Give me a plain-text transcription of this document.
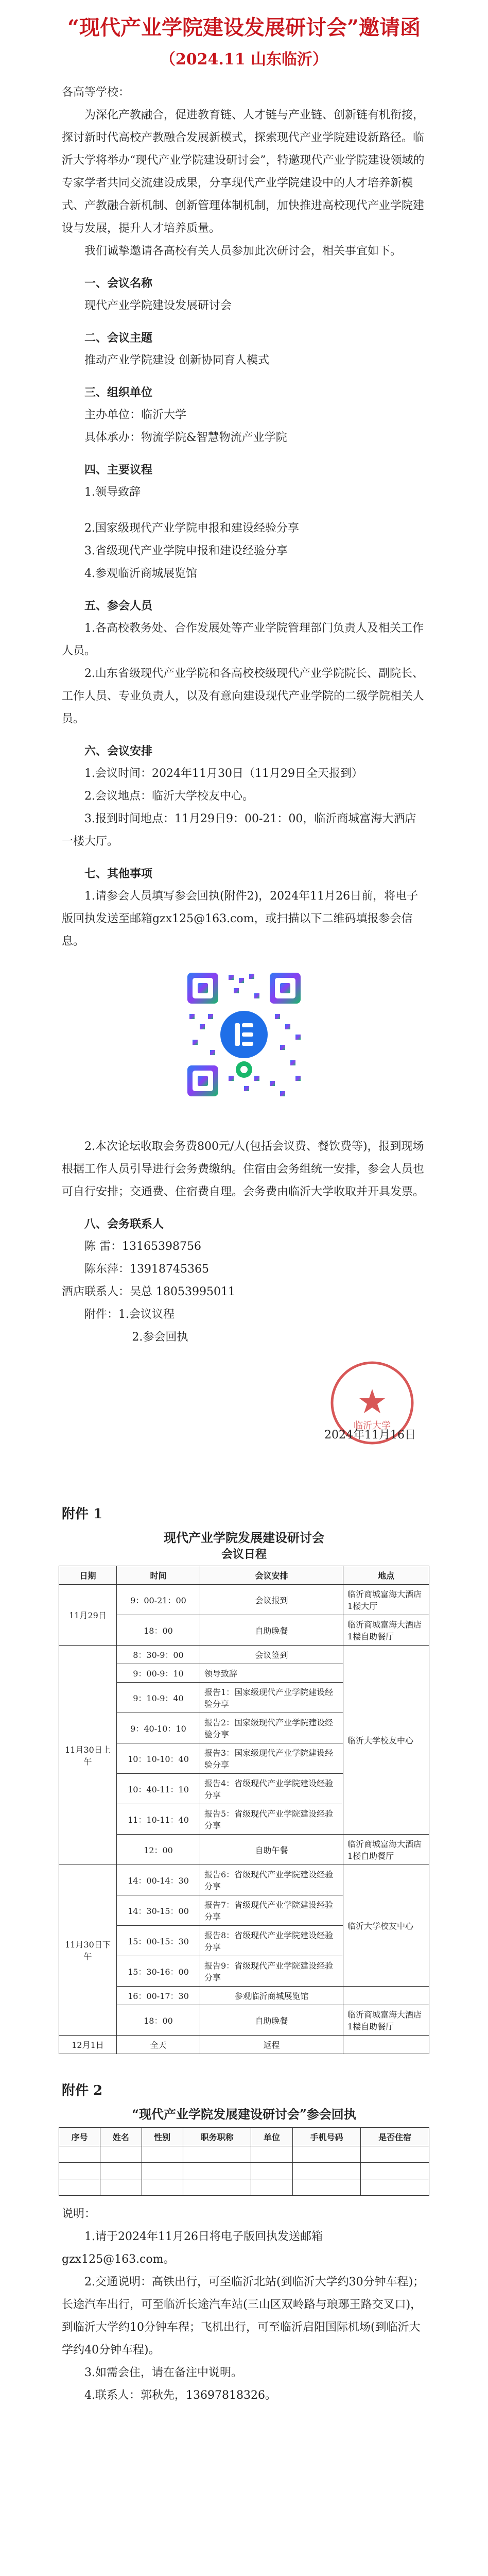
“现代产业学院建设发展研讨会”邀请函
（2024.11 山东临沂）

各高等学校：

为深化产教融合，促进教育链、人才链与产业链、创新链有机衔接，探讨新时代高校产教融合发展新模式，探索现代产业学院建设新路径。临沂大学将举办“现代产业学院建设研讨会”，特邀现代产业学院建设领域的专家学者共同交流建设成果，分享现代产业学院建设中的人才培养新模式、产教融合新机制、创新管理体制机制，加快推进高校现代产业学院建设与发展，提升人才培养质量。

我们诚挚邀请各高校有关人员参加此次研讨会，相关事宜如下。

一、会议名称

现代产业学院建设发展研讨会

二、会议主题

推动产业学院建设 创新协同育人模式

三、组织单位

主办单位：临沂大学

具体承办：物流学院&智慧物流产业学院

四、主要议程

1.领导致辞

2.国家级现代产业学院申报和建设经验分享

3.省级现代产业学院申报和建设经验分享

4.参观临沂商城展览馆

五、参会人员

1.各高校教务处、合作发展处等产业学院管理部门负责人及相关工作人员。

2.山东省级现代产业学院和各高校校级现代产业学院院长、副院长、工作人员、专业负责人，以及有意向建设现代产业学院的二级学院相关人员。

六、会议安排

1.会议时间：2024年11月30日（11月29日全天报到）

2.会议地点：临沂大学校友中心。

3.报到时间地点：11月29日9：00-21：00，临沂商城富海大酒店一楼大厅。

七、其他事项

1.请参会人员填写参会回执(附件2)，2024年11月26日前，将电子版回执发送至邮箱gzx125@163.com，或扫描以下二维码填报参会信息。

2.本次论坛收取会务费800元/人(包括会议费、餐饮费等)，报到现场根据工作人员引导进行会务费缴纳。住宿由会务组统一安排，参会人员也可自行安排；交通费、住宿费自理。会务费由临沂大学收取并开具发票。

八、会务联系人

陈 雷：13165398756

陈东萍：13918745365

酒店联系人：吴总 18053995011

附件：1.会议议程

2.参会回执

临沂大学
2024年11月16日
附件 1
现代产业学院发展建设研讨会
会议日程
日期	时间	会议安排	地点
11月29日	9：00-21：00	会议报到	临沂商城富海大酒店1楼大厅
	18：00	自助晚餐	临沂商城富海大酒店1楼自助餐厅
11月30日上午	8：30-9：00	会议签到	临沂大学校友中心
	9：00-9：10	领导致辞	
	9：10-9：40	报告1：国家级现代产业学院建设经验分享	
	9：40-10：10	报告2：国家级现代产业学院建设经验分享	
	10：10-10：40	报告3：国家级现代产业学院建设经验分享	
	10：40-11：10	报告4：省级现代产业学院建设经验分享	
	11：10-11：40	报告5：省级现代产业学院建设经验分享	
	12：00	自助午餐	临沂商城富海大酒店1楼自助餐厅
11月30日下午	14：00-14：30	报告6：省级现代产业学院建设经验分享	临沂大学校友中心
	14：30-15：00	报告7：省级现代产业学院建设经验分享	
	15：00-15：30	报告8：省级现代产业学院建设经验分享	
	15：30-16：00	报告9：省级现代产业学院建设经验分享	
	16：00-17：30	参观临沂商城展览馆	
	18：00	自助晚餐	临沂商城富海大酒店1楼自助餐厅
12月1日	全天	返程	
附件 2
“现代产业学院发展建设研讨会”参会回执
序号	姓名	性别	职务职称	单位	手机号码	是否住宿

说明：

1.请于2024年11月26日将电子版回执发送邮箱gzx125@163.com。

2.交通说明：高铁出行，可至临沂北站(到临沂大学约30分钟车程)；长途汽车出行，可至临沂长途汽车站(三山区双岭路与琅琊王路交叉口)，到临沂大学约10分钟车程；飞机出行，可至临沂启阳国际机场(到临沂大学约40分钟车程)。

3.如需会住，请在备注中说明。

4.联系人：郭秋先，13697818326。
